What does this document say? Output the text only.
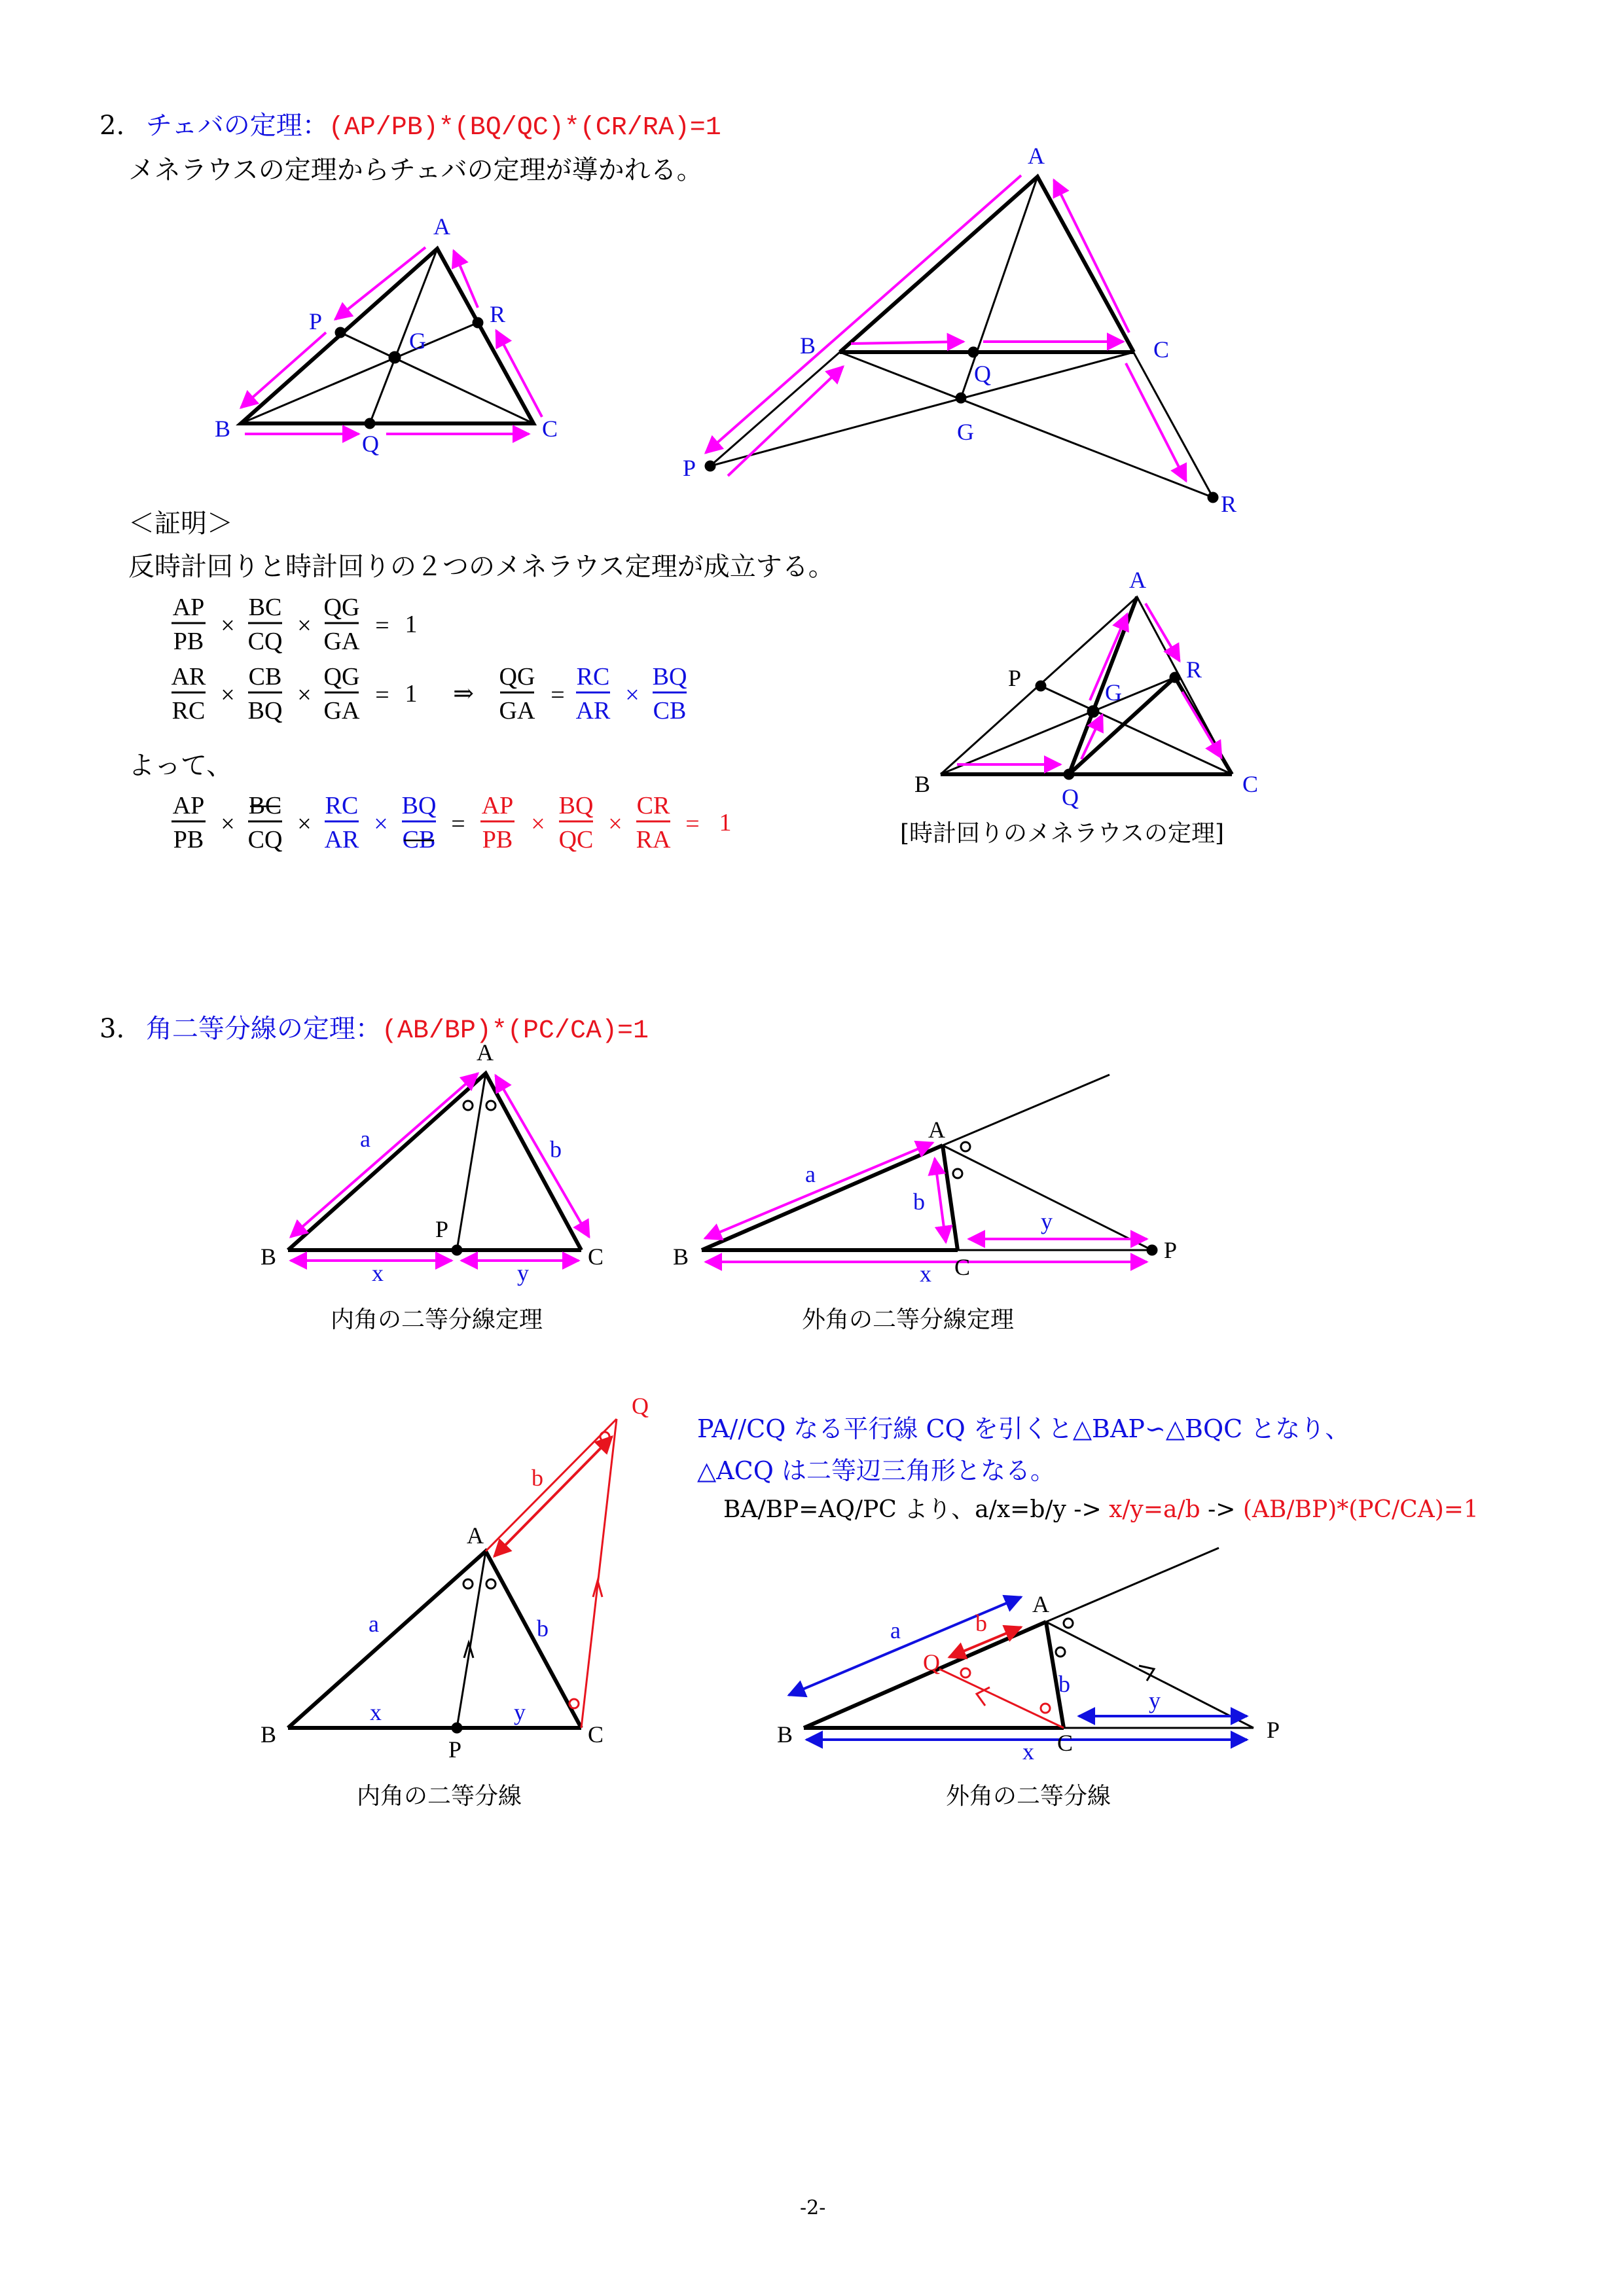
2. チェバの定理：(AP/PB)*(BQ/QC)*(CR/RA)=1
メネラウスの定理からチェバの定理が導かれる。
＜証明＞
反時計回りと時計回りの２つのメネラウス定理が成立する。
よって、
[時計回りのメネラウスの定理]
3. 角二等分線の定理：(AB/BP)*(PC/CA)=1
内角の二等分線定理	外角の二等分線定理
PA//CQ なる平行線 CQ を引くと△BAP∽△BQC となり、
△ACQ は二等辺三角形となる。
BA/BP=AQ/PC より、a/x=b/y -> x/y=a/b -> (AB/BP)*(PC/CA)=1
内角の二等分線	外角の二等分線
-2-
A
P	R
G
B
Q
C
A
B	C
Q
G
P
R
A
P	R
G
B	Q	C
AP
PB
×
BC
CQ
×
QG
GA
= 1
AR
RC
×
CB
BQ
×
QG
GA
= 1 ⇒
QG
GA
=
RC
AR
×
BQ
CB
AP
PB
×
BC
CQ
×
RC
AR
×
BQ
CB
=
AP
PB
×
BQ
QC
×
CR
RA
= 1
A
B	C
P
a	b
x	y
A
B	C
P
a
b
y
x
Q
b
A
a	b
x	y
B
P
C
A
a	b
Q
b
y
B	C	P
x
